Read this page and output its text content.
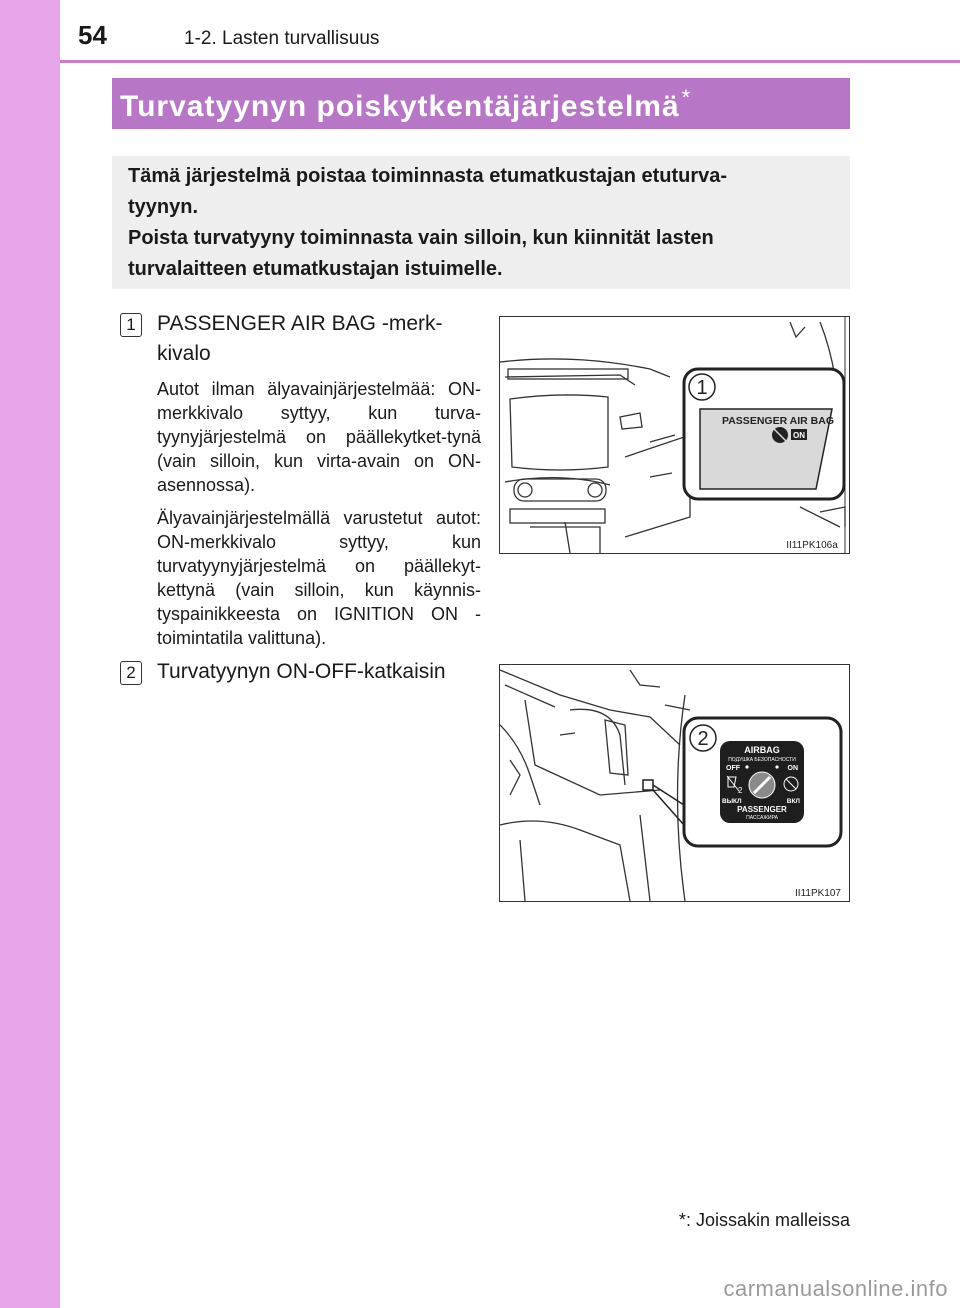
54	1-2. Lasten turvallisuus
Turvatyynyn poiskytkentäjärjestelmä*

Tämä järjestelmä poistaa toiminnasta etumatkustajan etuturva-

tyynyn.

Poista turvatyyny toiminnasta vain silloin, kun kiinnität lasten

turvalaitteen etumatkustajan istuimelle.

1 PASSENGER AIR BAG -merk-
kivalo
Autot ilman älyavainjärjestelmää: ON-merkkivalo syttyy, kun turva-tyynyjärjestelmä on päällekytket-tynä (vain silloin, kun virta-avain on ON-asennossa).
Älyavainjärjestelmällä varustetut autot: ON-merkkivalo syttyy, kun turvatyynyjärjestelmä on päällekyt-kettynä (vain silloin, kun käynnis-tyspainikkeesta on IGNITION ON -toimintatila valittuna).
2 Turvatyynyn ON-OFF-katkaisin
1
PASSENGER AIR BAG
ON
II11PK106a
2	AIRBAG
ПОДУШКА БЕЗОПАСНОСТИ
OFF	ON
2
ВЫКЛ	ВКЛ
PASSENGER
ПАССАЖИРА
II11PK107
*: Joissakin malleissa
carmanualsonline.info
